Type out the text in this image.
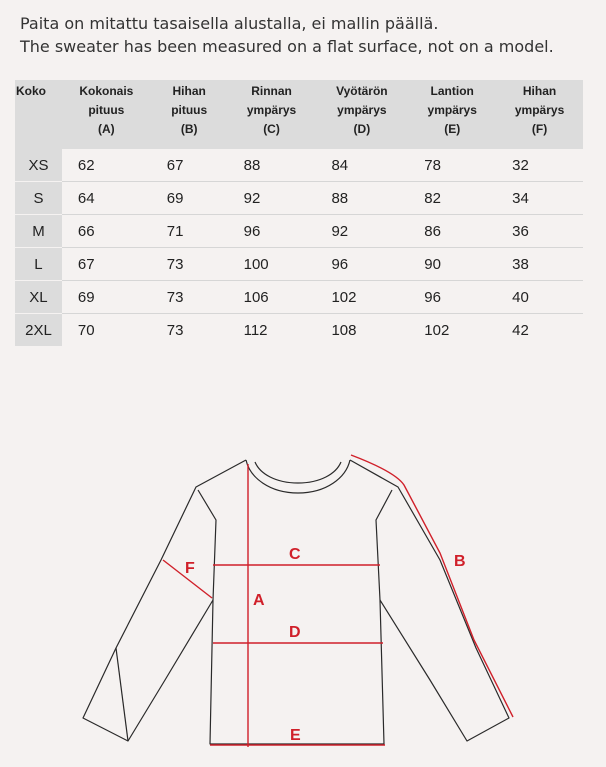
Paita on mitattu tasaisella alustalla, ei mallin päällä.

The sweater has been measured on a flat surface, not on a model.

Koko	Kokonais
pituus
(A)	Hihan
pituus
(B)	Rinnan
ympärys
(C)	Vyötärön
ympärys
(D)	Lantion
ympärys
(E)	Hihan
ympärys
(F)

XS	62	67	88	84	78	32
S	64	69	92	88	82	34
M	66	71	96	92	86	36
L	67	73	100	96	90	38
XL	69	73	106	102	96	40
2XL	70	73	112	108	102	42
A
B
C
D
E
F
